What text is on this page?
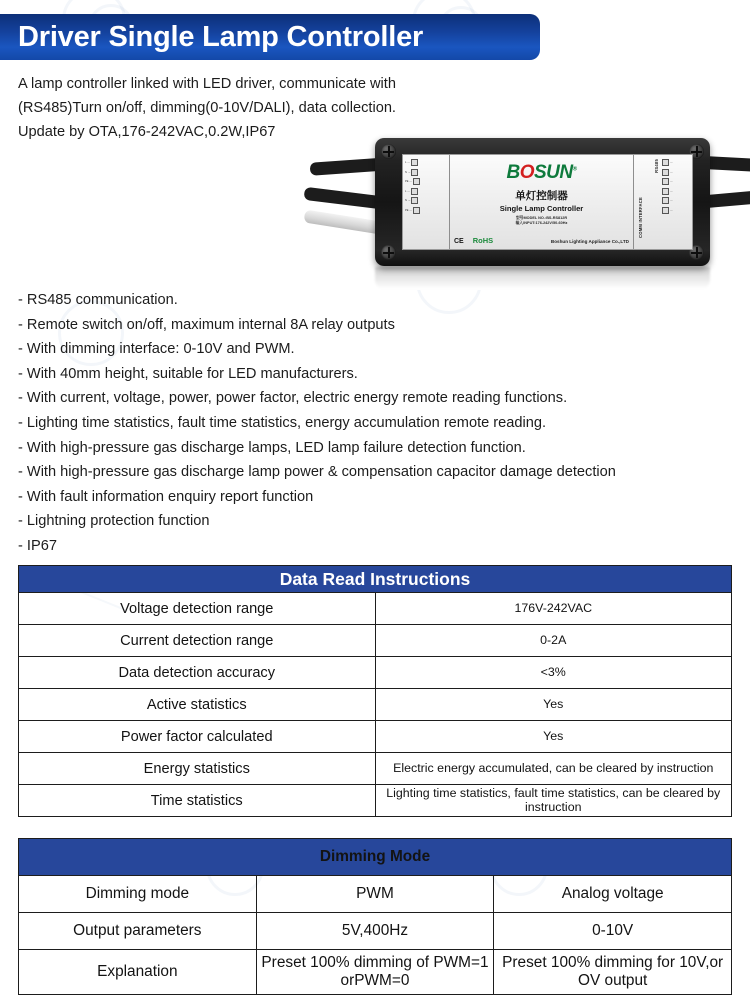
Driver Single Lamp Controller
A lamp controller linked with LED driver, communicate with
(RS485)Turn on/off, dimming(0-10V/DALI), data collection.
Update by OTA,176-242VAC,0.2W,IP67
L ⋯
N ⋯
PE ⋯
L ⋯
N ⋯
PE ⋯
BOSUN®
单灯控制器
Single Lamp Controller
型号MODEL NO.:BS-RS812R
输入INPUT:176-242V/50-60Hz
CE RoHS	Boshun Lighting Appliance Co.,LTD
RS485
COMM INTERFACE
⋯
⋯
⋯
⋯
⋯
⋯
- RS485 communication.
- Remote switch on/off, maximum internal 8A relay outputs
- With dimming interface: 0-10V and PWM.
- With 40mm height, suitable for LED manufacturers.
- With current, voltage, power, power factor, electric energy remote reading functions.
- Lighting time statistics, fault time statistics, energy accumulation remote reading.
- With high-pressure gas discharge lamps, LED lamp failure detection function.
- With high-pressure gas discharge lamp power & compensation capacitor damage detection
- With fault information enquiry report function
- Lightning protection function
- IP67
Data Read Instructions	
Voltage detection range	176V-242VAC
Current detection range	0-2A
Data detection accuracy	<3%
Active statistics	Yes
Power factor calculated	Yes
Energy statistics	Electric energy accumulated, can be cleared by instruction
Time statistics	Lighting time statistics, fault time statistics, can be cleared by instruction
Dimming Mode		
Dimming mode	PWM	Analog voltage
Output parameters	5V,400Hz	0-10V
Explanation	Preset 100% dimming of PWM=1 orPWM=0	Preset 100% dimming for 10V,or OV output
